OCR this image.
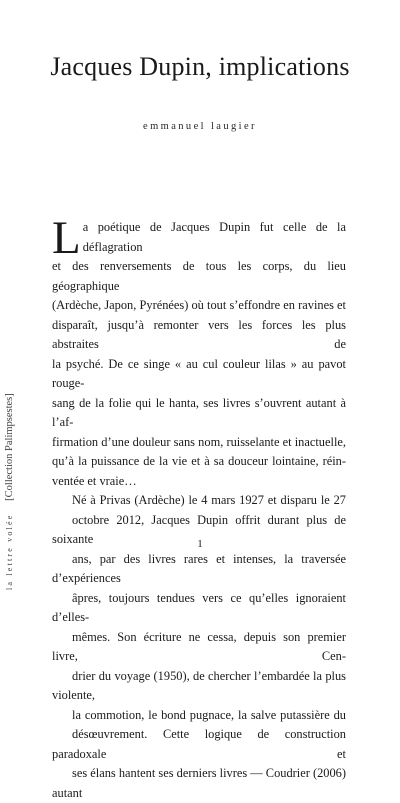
Jacques Dupin, implications
emmanuel laugier

L a poétique de Jacques Dupin fut celle de la déflagration
et des renversements de tous les corps, du lieu géographique
(Ardèche, Japon, Pyrénées) où tout s’effondre en ravines et
disparaît, jusqu’à remonter vers les forces les plus abstraites de
la psyché. De ce singe « au cul couleur lilas » au pavot rouge-
sang de la folie qui le hanta, ses livres s’ouvrent autant à l’af-
firmation d’une douleur sans nom, ruisselante et inactuelle,
qu’à la puissance de la vie et à sa douceur lointaine, réin-
ventée et vraie…

Né à Privas (Ardèche) le 4 mars 1927 et disparu le 27
octobre 2012, Jacques Dupin offrit durant plus de soixante
ans, par des livres rares et intenses, la traversée d’expériences
âpres, toujours tendues vers ce qu’elles ignoraient d’elles-
mêmes. Son écriture ne cessa, depuis son premier livre, Cen-
drier du voyage (1950), de chercher l’embardée la plus violente,
la commotion, le bond pugnace, la salve putassière du
désœuvrement. Cette logique de construction paradoxale et
ses élans hantent ses derniers livres — Coudrier (2006) autant

1
la lettre volée [Collection Palimpsestes]
